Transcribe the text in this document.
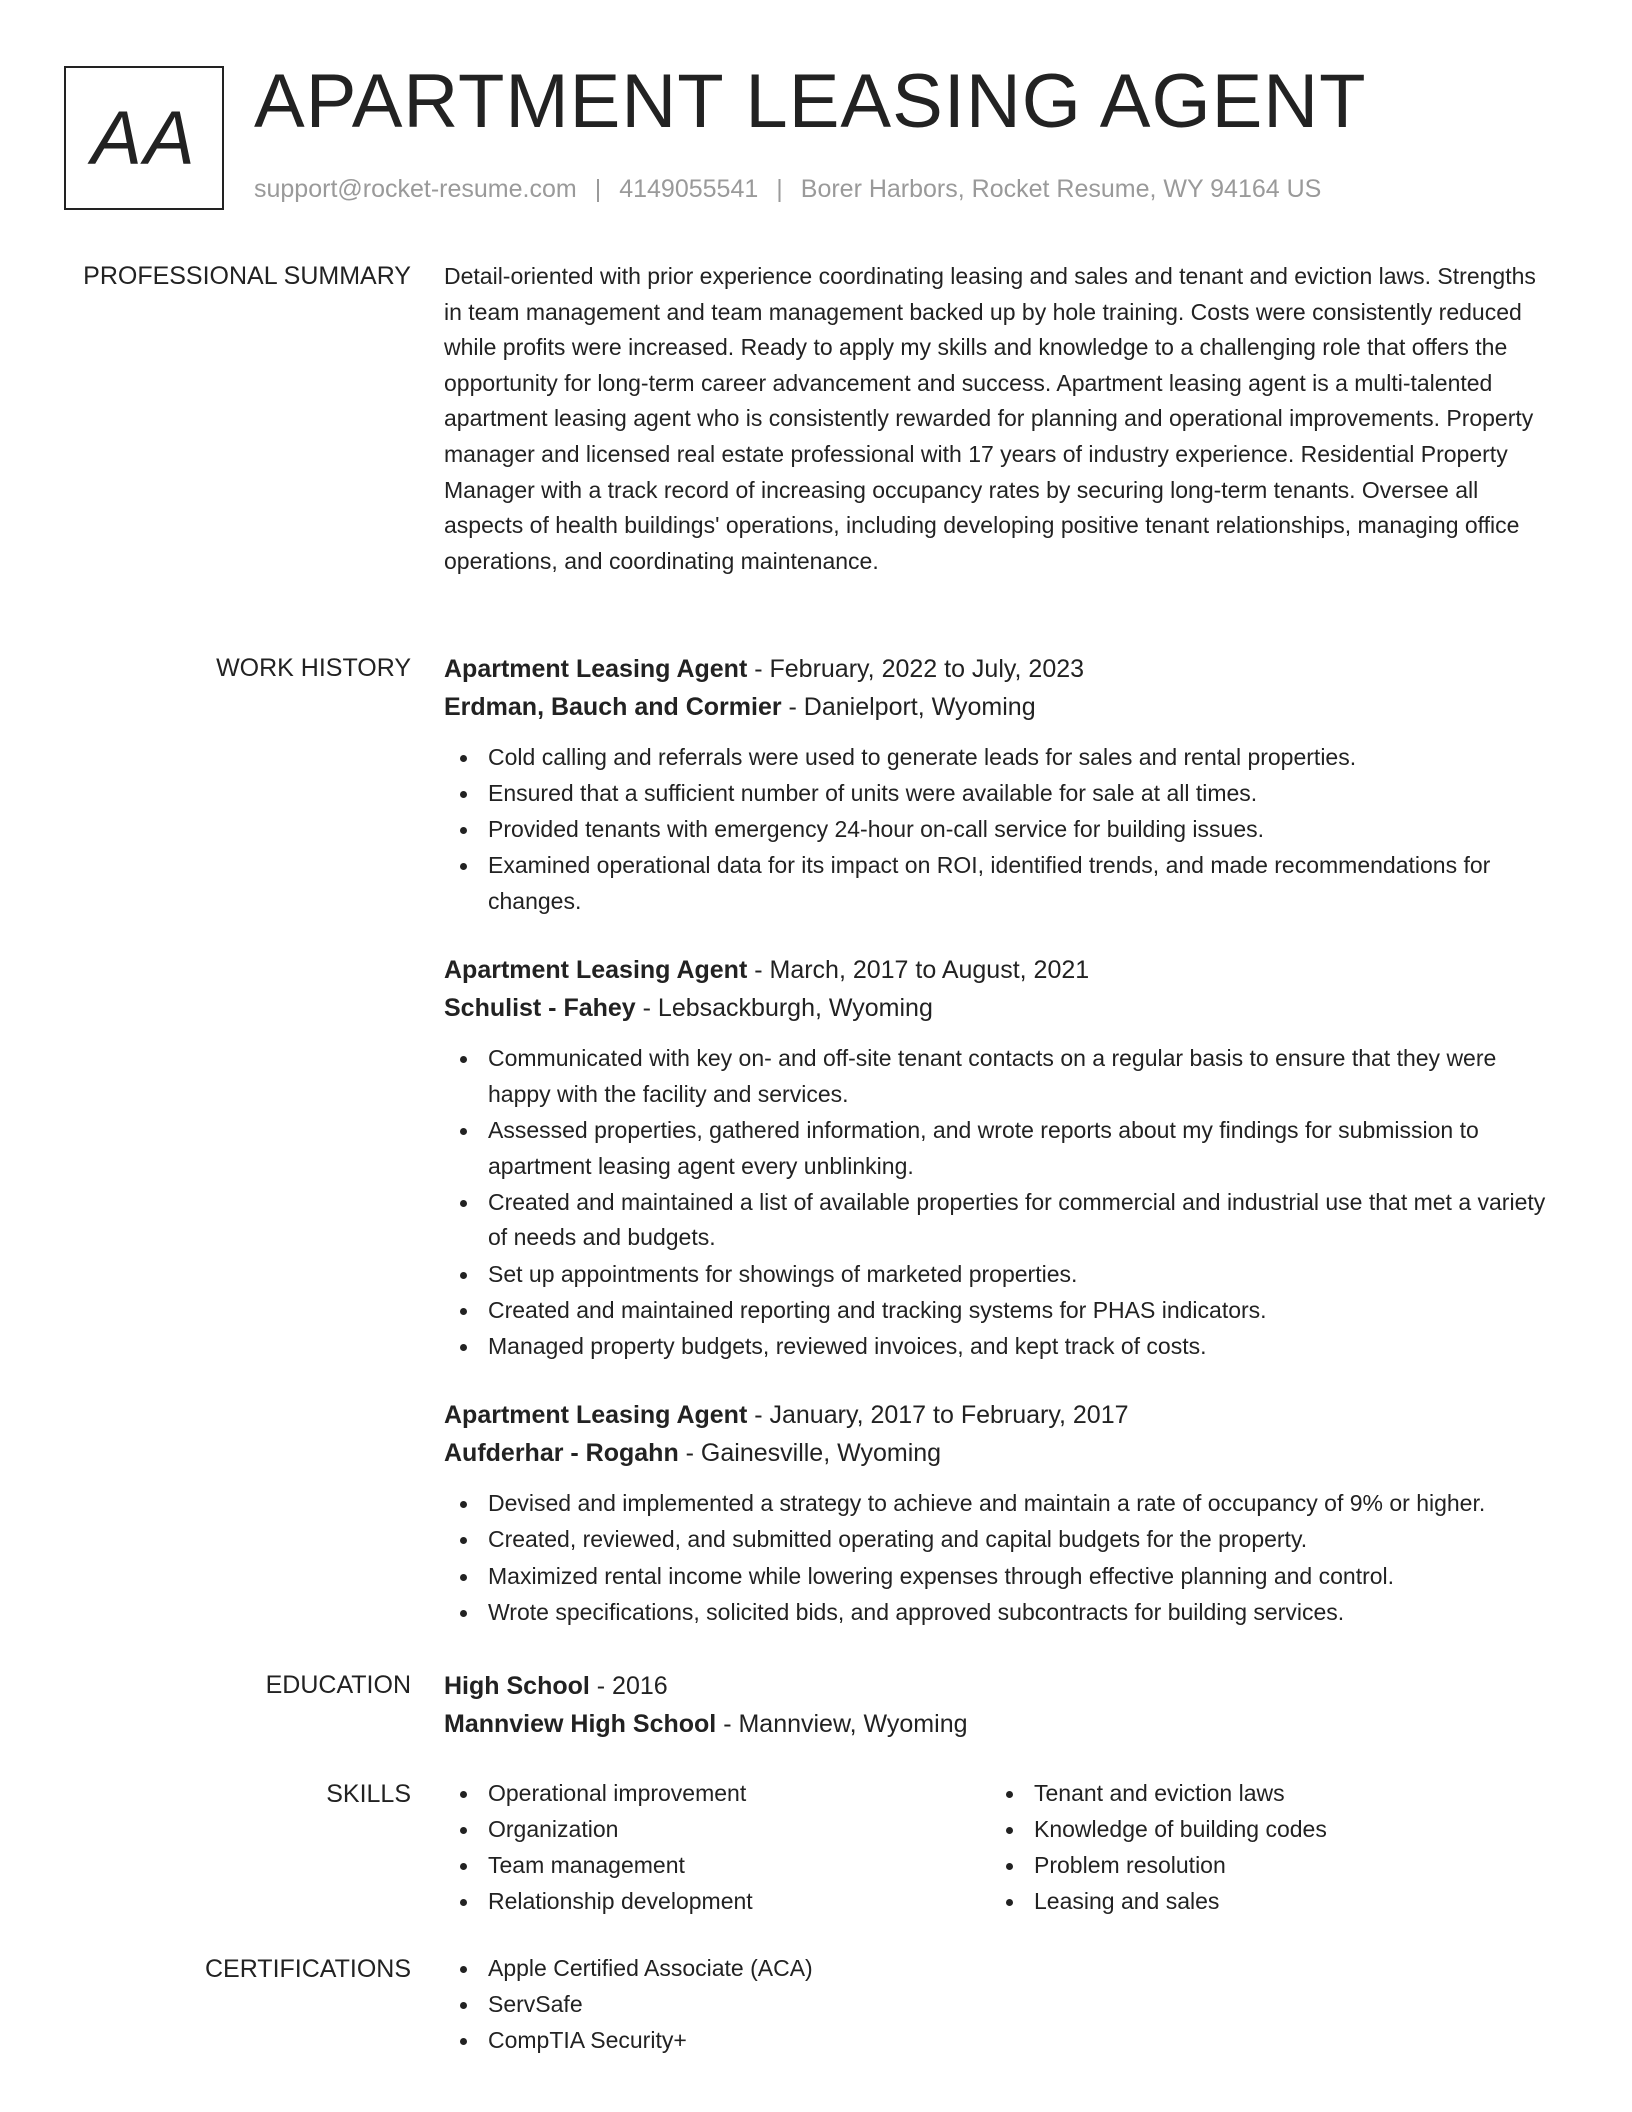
AA APARTMENT LEASING AGENT
support@rocket-resume.com | 4149055541 | Borer Harbors, Rocket Resume, WY 94164 US
PROFESSIONAL SUMMARY Detail-oriented with prior experience coordinating leasing and sales and tenant and eviction laws. Strengths in team management and team management backed up by hole training. Costs were consistently reduced while profits were increased. Ready to apply my skills and knowledge to a challenging role that offers the opportunity for long-term career advancement and success. Apartment leasing agent is a multi-talented apartment leasing agent who is consistently rewarded for planning and operational improvements. Property manager and licensed real estate professional with 17 years of industry experience. Residential Property Manager with a track record of increasing occupancy rates by securing long-term tenants. Oversee all aspects of health buildings' operations, including developing positive tenant relationships, managing office operations, and coordinating maintenance.
WORK HISTORY Apartment Leasing Agent - February, 2022 to July, 2023
Erdman, Bauch and Cormier - Danielport, Wyoming
Cold calling and referrals were used to generate leads for sales and rental properties.
Ensured that a sufficient number of units were available for sale at all times.
Provided tenants with emergency 24-hour on-call service for building issues.
Examined operational data for its impact on ROI, identified trends, and made recommendations for changes.
Apartment Leasing Agent - March, 2017 to August, 2021
Schulist - Fahey - Lebsackburgh, Wyoming
Communicated with key on- and off-site tenant contacts on a regular basis to ensure that they were happy with the facility and services.
Assessed properties, gathered information, and wrote reports about my findings for submission to apartment leasing agent every unblinking.
Created and maintained a list of available properties for commercial and industrial use that met a variety of needs and budgets.
Set up appointments for showings of marketed properties.
Created and maintained reporting and tracking systems for PHAS indicators.
Managed property budgets, reviewed invoices, and kept track of costs.
Apartment Leasing Agent - January, 2017 to February, 2017
Aufderhar - Rogahn - Gainesville, Wyoming
Devised and implemented a strategy to achieve and maintain a rate of occupancy of 9% or higher.
Created, reviewed, and submitted operating and capital budgets for the property.
Maximized rental income while lowering expenses through effective planning and control.
Wrote specifications, solicited bids, and approved subcontracts for building services.
EDUCATION High School - 2016
Mannview High School - Mannview, Wyoming
SKILLS	Operational improvement
Organization
Team management
Relationship development
Tenant and eviction laws
Knowledge of building codes
Problem resolution
Leasing and sales
CERTIFICATIONS	Apple Certified Associate (ACA)
ServSafe
CompTIA Security+
